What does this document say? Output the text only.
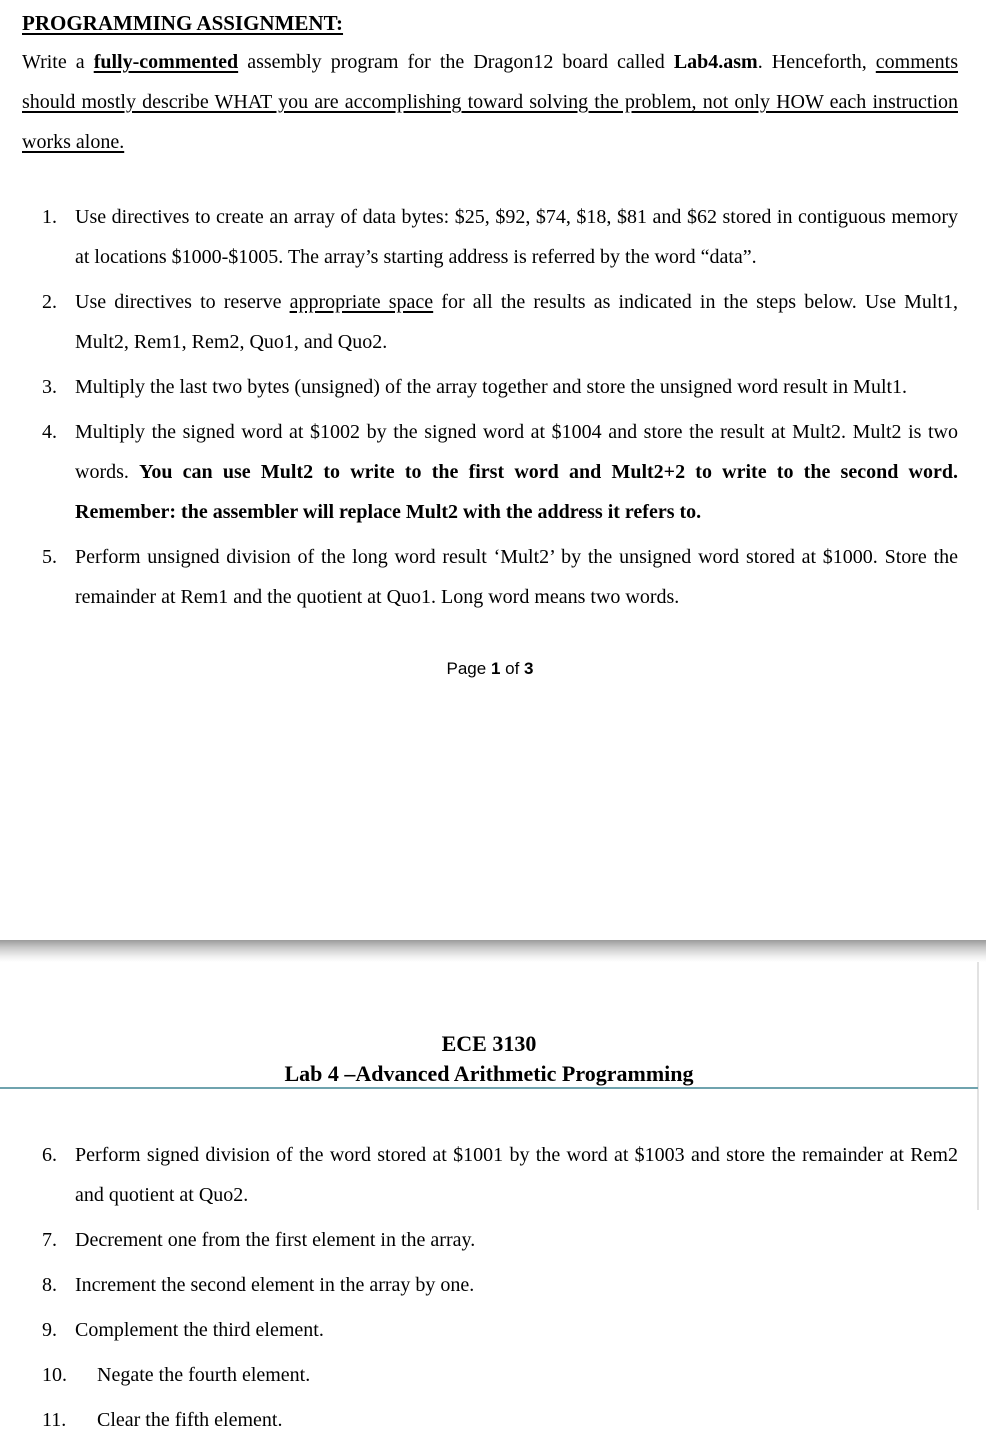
PROGRAMMING ASSIGNMENT:
Write a fully-commented assembly program for the Dragon12 board called Lab4.asm. Henceforth, comments should mostly describe WHAT you are accomplishing toward solving the problem, not only HOW each instruction works alone.
1. Use directives to create an array of data bytes: $25, $92, $74, $18, $81 and $62 stored in contiguous memory at locations $1000-$1005. The array’s starting address is referred by the word “data”.
2. Use directives to reserve appropriate space for all the results as indicated in the steps below. Use Mult1, Mult2, Rem1, Rem2, Quo1, and Quo2.
3. Multiply the last two bytes (unsigned) of the array together and store the unsigned word result in Mult1.
4. Multiply the signed word at $1002 by the signed word at $1004 and store the result at Mult2. Mult2 is two words. You can use Mult2 to write to the first word and Mult2+2 to write to the second word. Remember: the assembler will replace Mult2 with the address it refers to.
5. Perform unsigned division of the long word result ‘Mult2’ by the unsigned word stored at $1000. Store the remainder at Rem1 and the quotient at Quo1. Long word means two words.
Page 1 of 3
ECE 3130
Lab 4 –Advanced Arithmetic Programming
6. Perform signed division of the word stored at $1001 by the word at $1003 and store the remainder at Rem2 and quotient at Quo2.
7. Decrement one from the first element in the array.
8. Increment the second element in the array by one.
9. Complement the third element.
10. Negate the fourth element.
11. Clear the fifth element.
